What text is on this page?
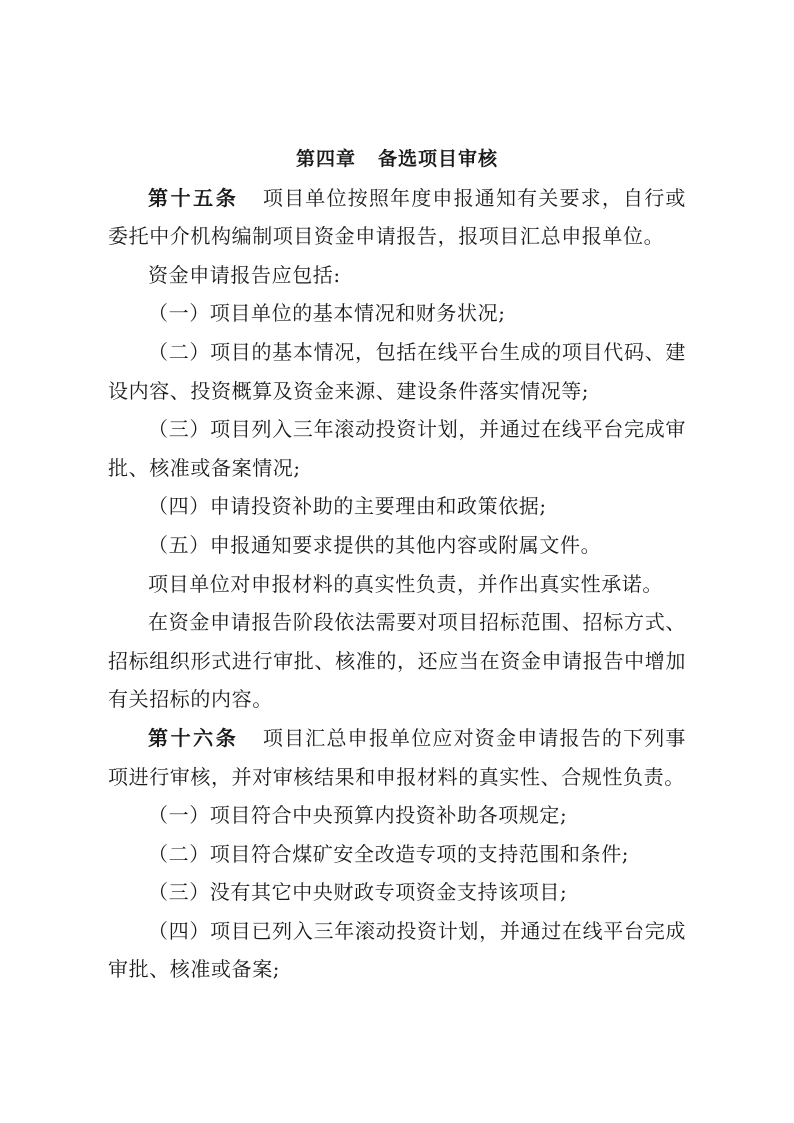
第四章 备选项目审核

第十五条 项目单位按照年度申报通知有关要求，自行或委托中介机构编制项目资金申请报告，报项目汇总申报单位。

资金申请报告应包括:

（一）项目单位的基本情况和财务状况;

（二）项目的基本情况，包括在线平台生成的项目代码、建设内容、投资概算及资金来源、建设条件落实情况等;

（三）项目列入三年滚动投资计划，并通过在线平台完成审批、核准或备案情况;

（四）申请投资补助的主要理由和政策依据;

（五）申报通知要求提供的其他内容或附属文件。

项目单位对申报材料的真实性负责，并作出真实性承诺。

在资金申请报告阶段依法需要对项目招标范围、招标方式、招标组织形式进行审批、核准的，还应当在资金申请报告中增加有关招标的内容。

第十六条 项目汇总申报单位应对资金申请报告的下列事项进行审核，并对审核结果和申报材料的真实性、合规性负责。

（一）项目符合中央预算内投资补助各项规定;

（二）项目符合煤矿安全改造专项的支持范围和条件;

（三）没有其它中央财政专项资金支持该项目;

（四）项目已列入三年滚动投资计划，并通过在线平台完成审批、核准或备案;
